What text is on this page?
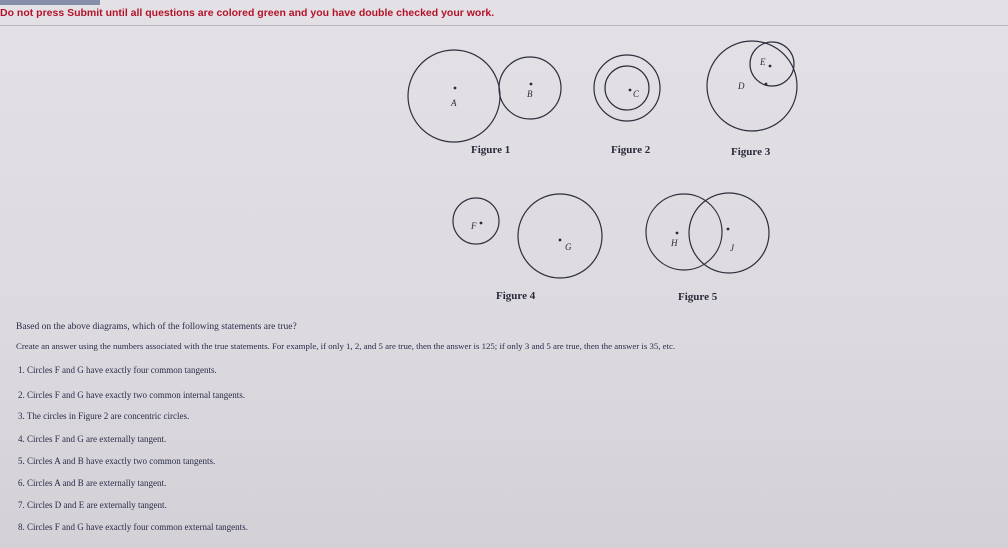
Do not press Submit until all questions are colored green and you have double checked your work.
A
B	C
D
E
F
G	H	J
Figure 1	Figure 2	Figure 3
Figure 4	Figure 5
Based on the above diagrams, which of the following statements are true?
Create an answer using the numbers associated with the true statements. For example, if only 1, 2, and 5 are true, then the answer is 125; if only 3 and 5 are true, then the answer is 35, etc.
1. Circles F and G have exactly four common tangents.
2. Circles F and G have exactly two common internal tangents.
3. The circles in Figure 2 are concentric circles.
4. Circles F and G are externally tangent.
5. Circles A and B have exactly two common tangents.
6. Circles A and B are externally tangent.
7. Circles D and E are externally tangent.
8. Circles F and G have exactly four common external tangents.
